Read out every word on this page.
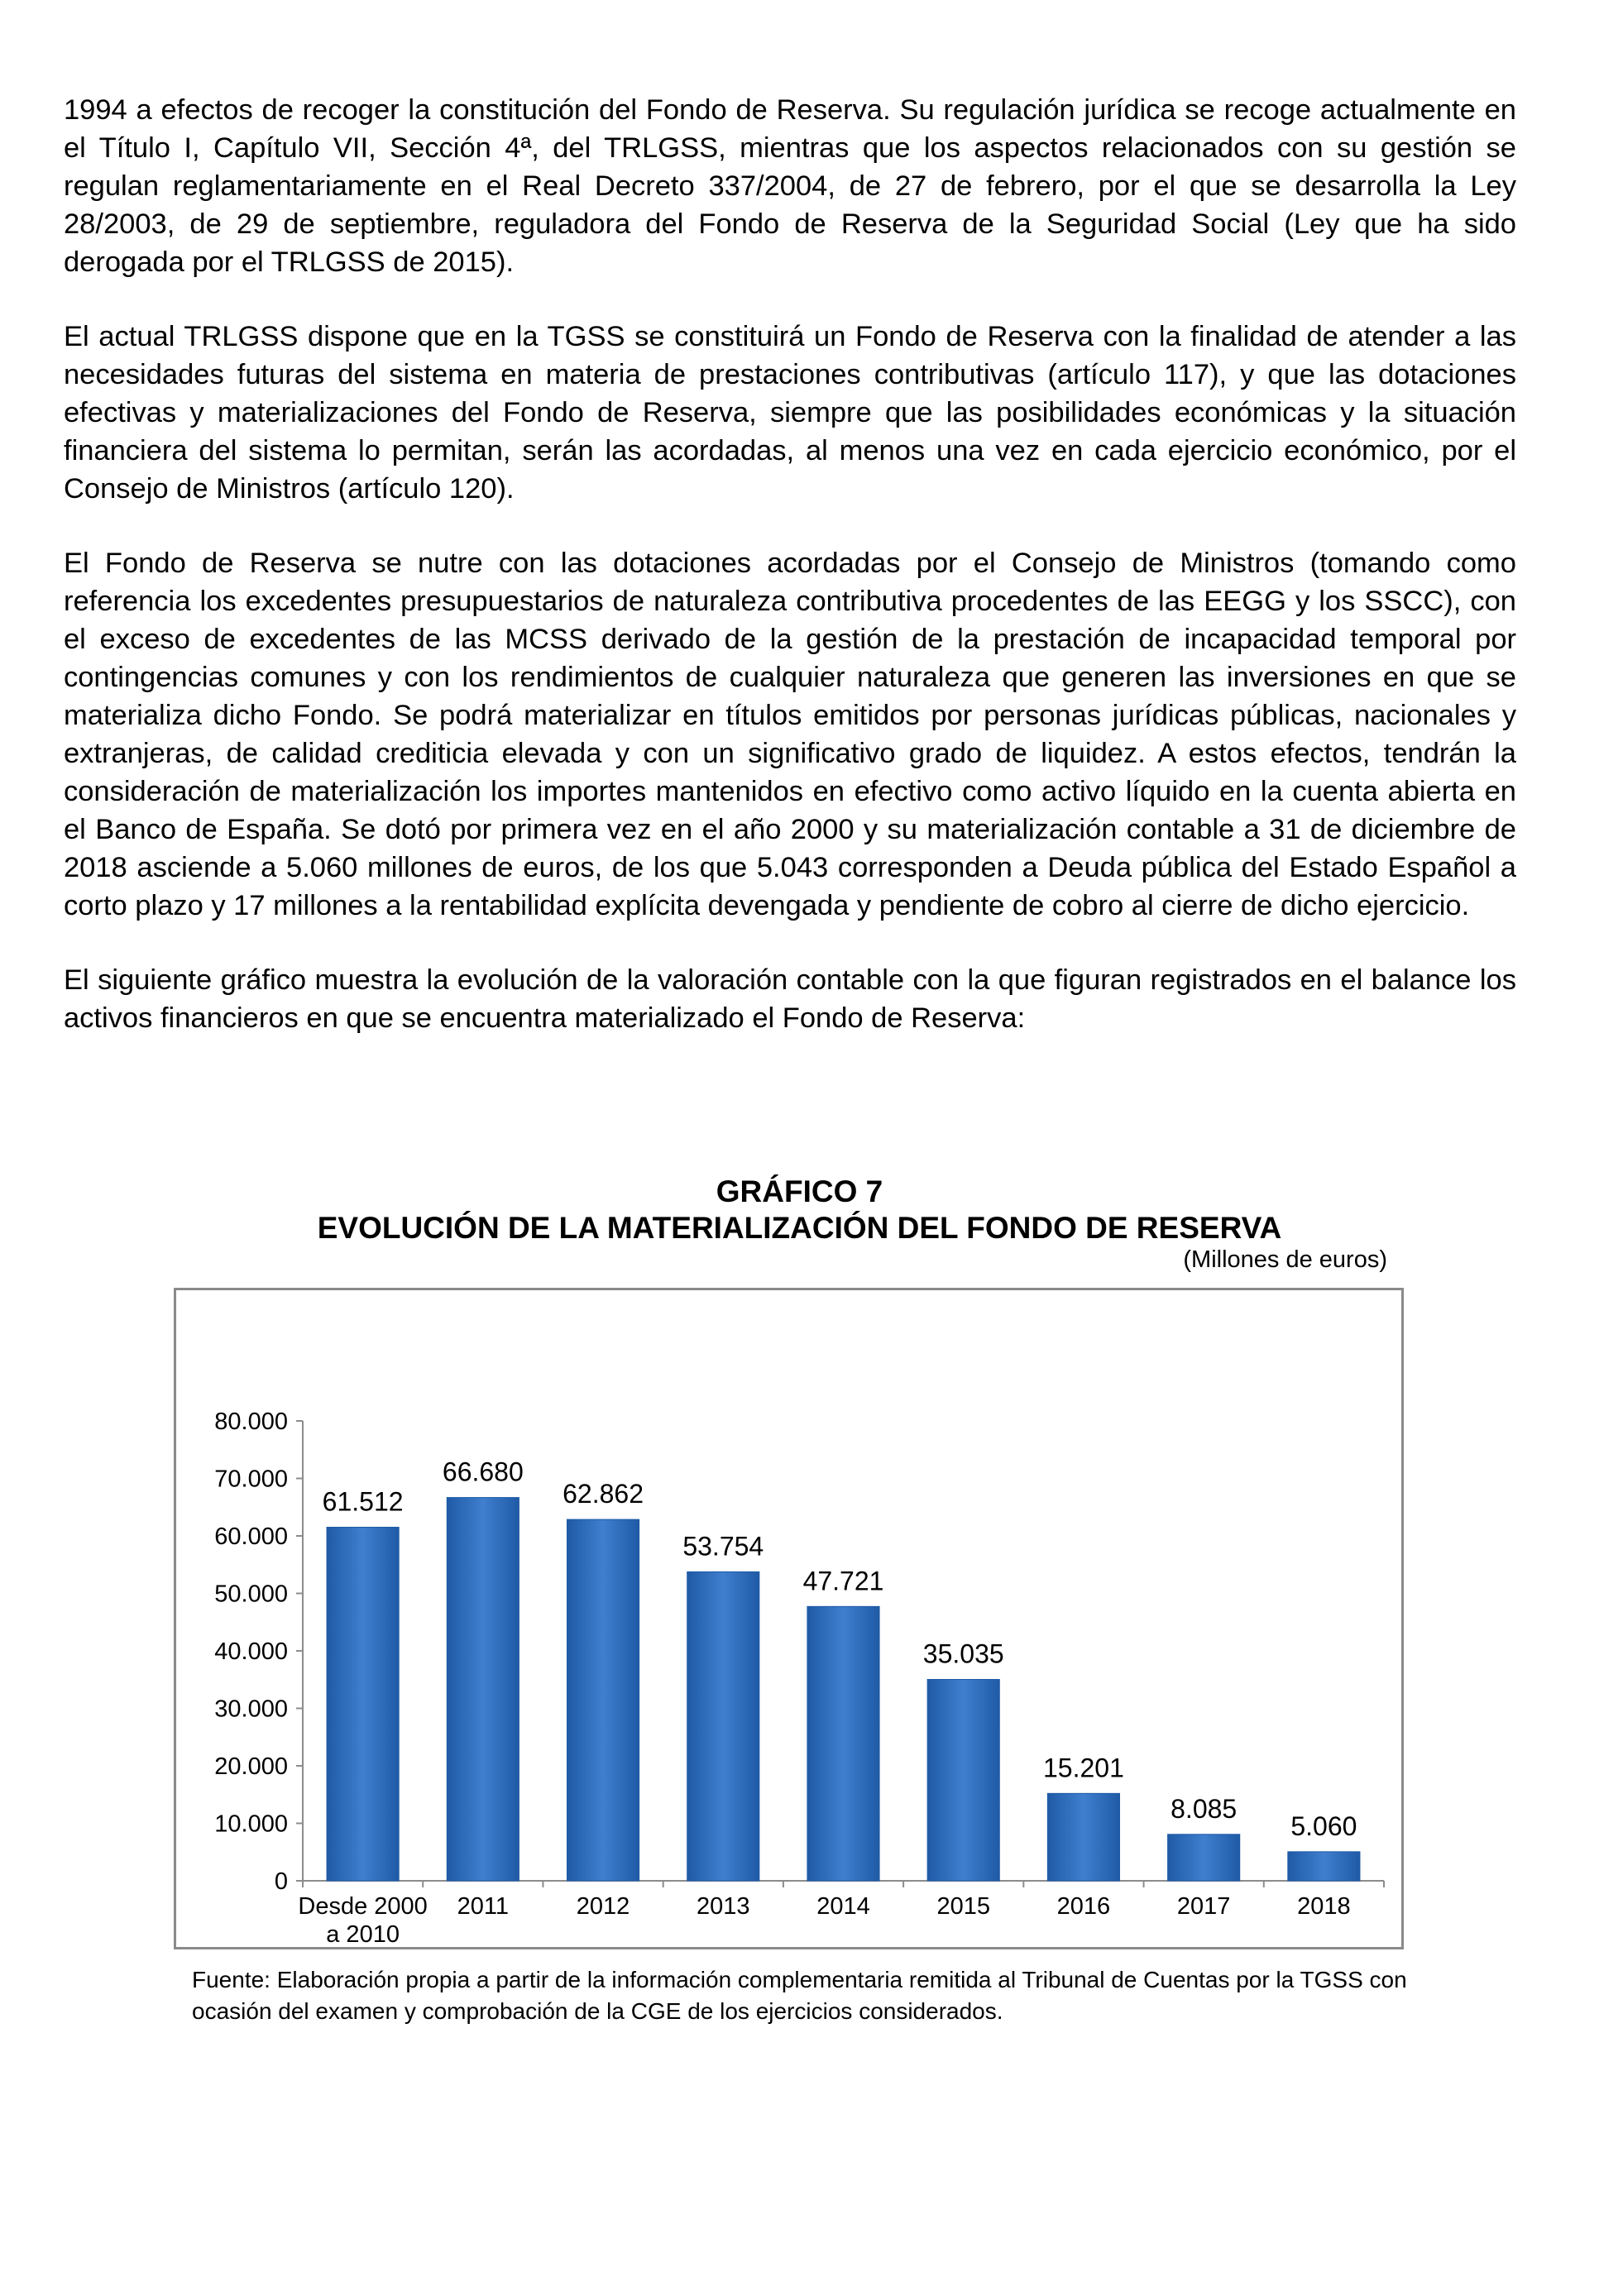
1994 a efectos de recoger la constitución del Fondo de Reserva. Su regulación jurídica se recoge actualmente en el Título I, Capítulo VII, Sección 4ª, del TRLGSS, mientras que los aspectos relacionados con su gestión se regulan reglamentariamente en el Real Decreto 337/2004, de 27 de febrero, por el que se desarrolla la Ley 28/2003, de 29 de septiembre, reguladora del Fondo de Reserva de la Seguridad Social (Ley que ha sido derogada por el TRLGSS de 2015).

El actual TRLGSS dispone que en la TGSS se constituirá un Fondo de Reserva con la finalidad de atender a las necesidades futuras del sistema en materia de prestaciones contributivas (artículo 117), y que las dotaciones efectivas y materializaciones del Fondo de Reserva, siempre que las posibilidades económicas y la situación financiera del sistema lo permitan, serán las acordadas, al menos una vez en cada ejercicio económico, por el Consejo de Ministros (artículo 120).

El Fondo de Reserva se nutre con las dotaciones acordadas por el Consejo de Ministros (tomando como referencia los excedentes presupuestarios de naturaleza contributiva procedentes de las EEGG y los SSCC), con el exceso de excedentes de las MCSS derivado de la gestión de la prestación de incapacidad temporal por contingencias comunes y con los rendimientos de cualquier naturaleza que generen las inversiones en que se materializa dicho Fondo. Se podrá materializar en títulos emitidos por personas jurídicas públicas, nacionales y extranjeras, de calidad crediticia elevada y con un significativo grado de liquidez. A estos efectos, tendrán la consideración de materialización los importes mantenidos en efectivo como activo líquido en la cuenta abierta en el Banco de España. Se dotó por primera vez en el año 2000 y su materialización contable a 31 de diciembre de 2018 asciende a 5.060 millones de euros, de los que 5.043 corresponden a Deuda pública del Estado Español a corto plazo y 17 millones a la rentabilidad explícita devengada y pendiente de cobro al cierre de dicho ejercicio.

El siguiente gráfico muestra la evolución de la valoración contable con la que figuran registrados en el balance los activos financieros en que se encuentra materializado el Fondo de Reserva:

GRÁFICO 7
EVOLUCIÓN DE LA MATERIALIZACIÓN DEL FONDO DE RESERVA
(Millones de euros)
0
10.000
20.000
30.000
40.000
50.000
60.000
70.000
80.000
61.512
Desde 2000 a 2010
66.680
2011
62.862
2012
53.754
2013
47.721
2014
35.035
2015
15.201
2016
8.085
2017
5.060
2018
Fuente: Elaboración propia a partir de la información complementaria remitida al Tribunal de Cuentas por la TGSS con ocasión del examen y comprobación de la CGE de los ejercicios considerados.
